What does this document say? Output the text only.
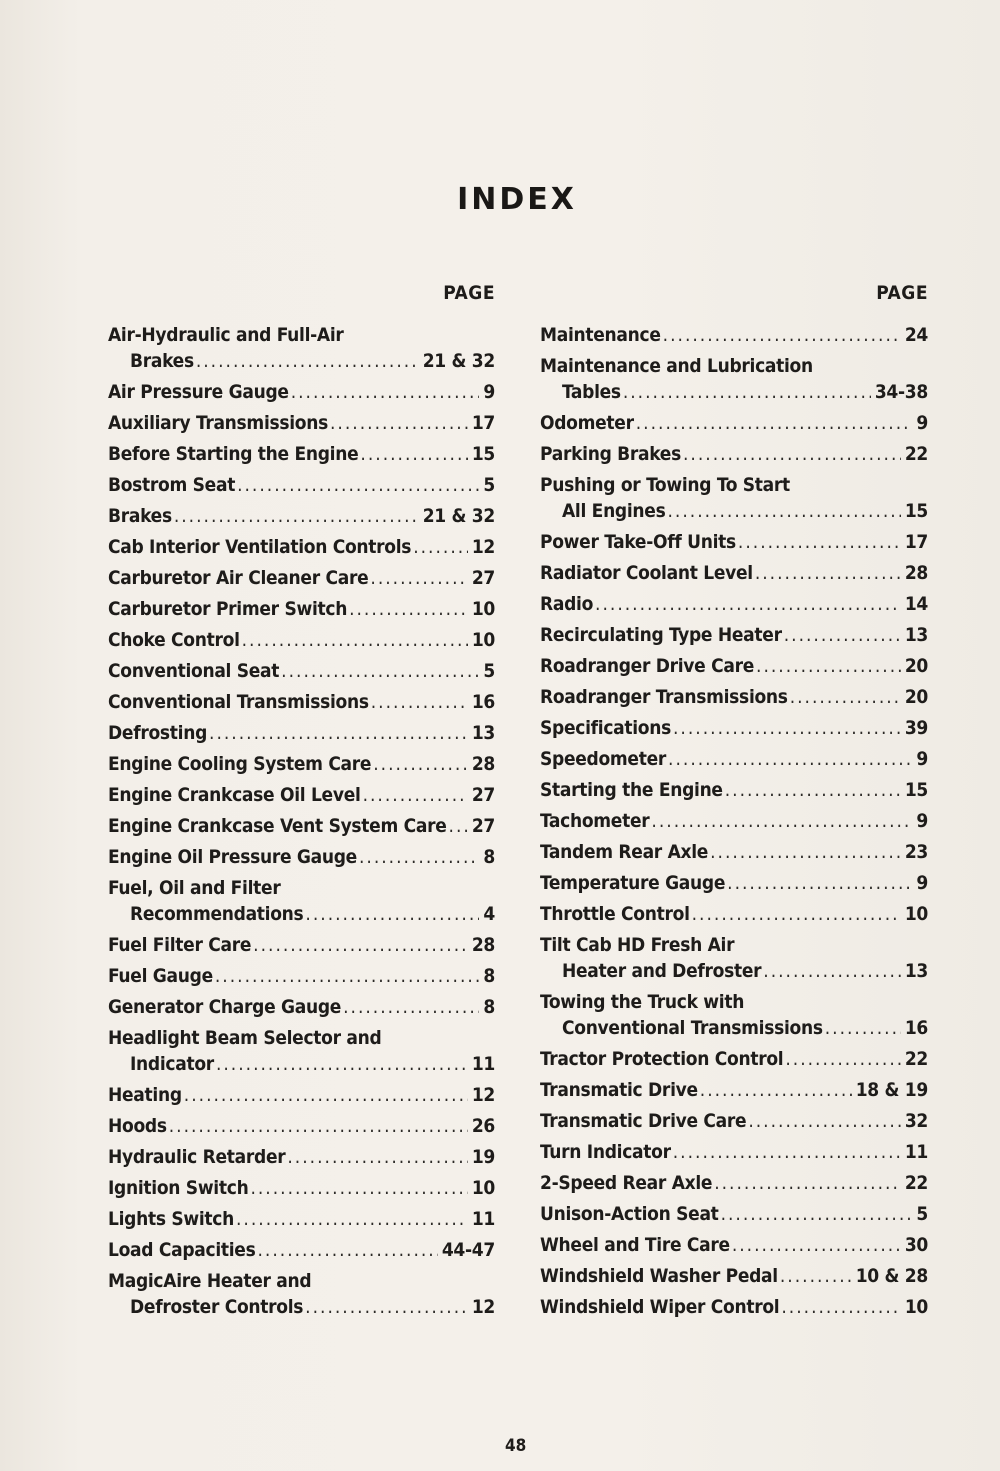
INDEX
PAGE
Air-Hydraulic and Full-Air
Brakes .....	21 & 32
Air Pressure Gauge .....	9
Auxiliary Transmissions .....	17
Before Starting the Engine .....	15
Bostrom Seat .....	5
Brakes .....	21 & 32
Cab Interior Ventilation Controls .....	12
Carburetor Air Cleaner Care .....	27
Carburetor Primer Switch .....	10
Choke Control .....	10
Conventional Seat .....	5
Conventional Transmissions .....	16
Defrosting .....	13
Engine Cooling System Care .....	28
Engine Crankcase Oil Level .....	27
Engine Crankcase Vent System Care ..... 27
Engine Oil Pressure Gauge .....	8
Fuel, Oil and Filter
Recommendations .....	4
Fuel Filter Care .....	28
Fuel Gauge .....	8
Generator Charge Gauge .....	8
Headlight Beam Selector and
Indicator .....	11
Heating .....	12
Hoods .....	26
Hydraulic Retarder .....	19
Ignition Switch .....	10
Lights Switch .....	11
Load Capacities .....	44-47
MagicAire Heater and
Defroster Controls .....	12
PAGE
Maintenance .....	24
Maintenance and Lubrication
Tables .....	34-38
Odometer .....	9
Parking Brakes .....	22
Pushing or Towing To Start
All Engines .....	15
Power Take-Off Units .....	17
Radiator Coolant Level .....	28
Radio .....	14
Recirculating Type Heater .....	13
Roadranger Drive Care .....	20
Roadranger Transmissions .....	20
Specifications .....	39
Speedometer .....	9
Starting the Engine .....	15
Tachometer .....	9
Tandem Rear Axle .....	23
Temperature Gauge .....	9
Throttle Control .....	10
Tilt Cab HD Fresh Air
Heater and Defroster .....	13
Towing the Truck with
Conventional Transmissions .....	16
Tractor Protection Control .....	22
Transmatic Drive .....	18 & 19
Transmatic Drive Care .....	32
Turn Indicator .....	11
2-Speed Rear Axle .....	22
Unison-Action Seat .....	5
Wheel and Tire Care .....	30
Windshield Washer Pedal .....	10 & 28
Windshield Wiper Control .....	10
48
